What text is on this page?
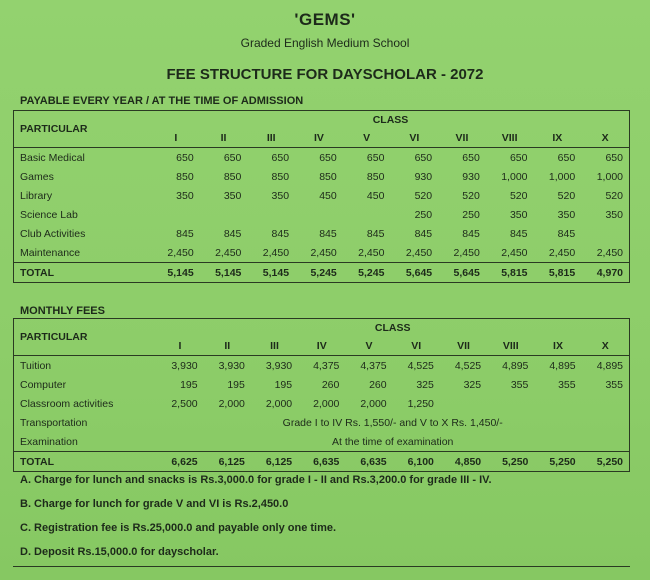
'GEMS'
Graded English Medium School
FEE STRUCTURE FOR DAYSCHOLAR - 2072
PAYABLE EVERY YEAR / AT THE TIME OF ADMISSION
PARTICULAR	CLASS									
	I	II	III	IV	V	VI	VII	VIII	IX	X
Basic Medical	650	650	650	650	650	650	650	650	650	650
Games	850	850	850	850	850	930	930	1,000	1,000	1,000
Library	350	350	350	450	450	520	520	520	520	520
Science Lab						250	250	350	350	350
Club Activities	845	845	845	845	845	845	845	845	845	
Maintenance	2,450	2,450	2,450	2,450	2,450	2,450	2,450	2,450	2,450	2,450
TOTAL	5,145	5,145	5,145	5,245	5,245	5,645	5,645	5,815	5,815	4,970
MONTHLY FEES
PARTICULAR	CLASS									
	I	II	III	IV	V	VI	VII	VIII	IX	X
Tuition	3,930	3,930	3,930	4,375	4,375	4,525	4,525	4,895	4,895	4,895
Computer	195	195	195	260	260	325	325	355	355	355
Classroom activities	2,500	2,000	2,000	2,000	2,000	1,250				
Transportation	Grade I to IV Rs. 1,550/- and V to X Rs. 1,450/-									
Examination	At the time of examination									
TOTAL	6,625	6,125	6,125	6,635	6,635	6,100	4,850	5,250	5,250	5,250
A. Charge for lunch and snacks is Rs.3,000.0 for grade I - II and Rs.3,200.0 for grade III - IV.
B. Charge for lunch for grade V and VI is Rs.2,450.0
C. Registration fee is Rs.25,000.0 and payable only one time.
D. Deposit Rs.15,000.0 for dayscholar.
